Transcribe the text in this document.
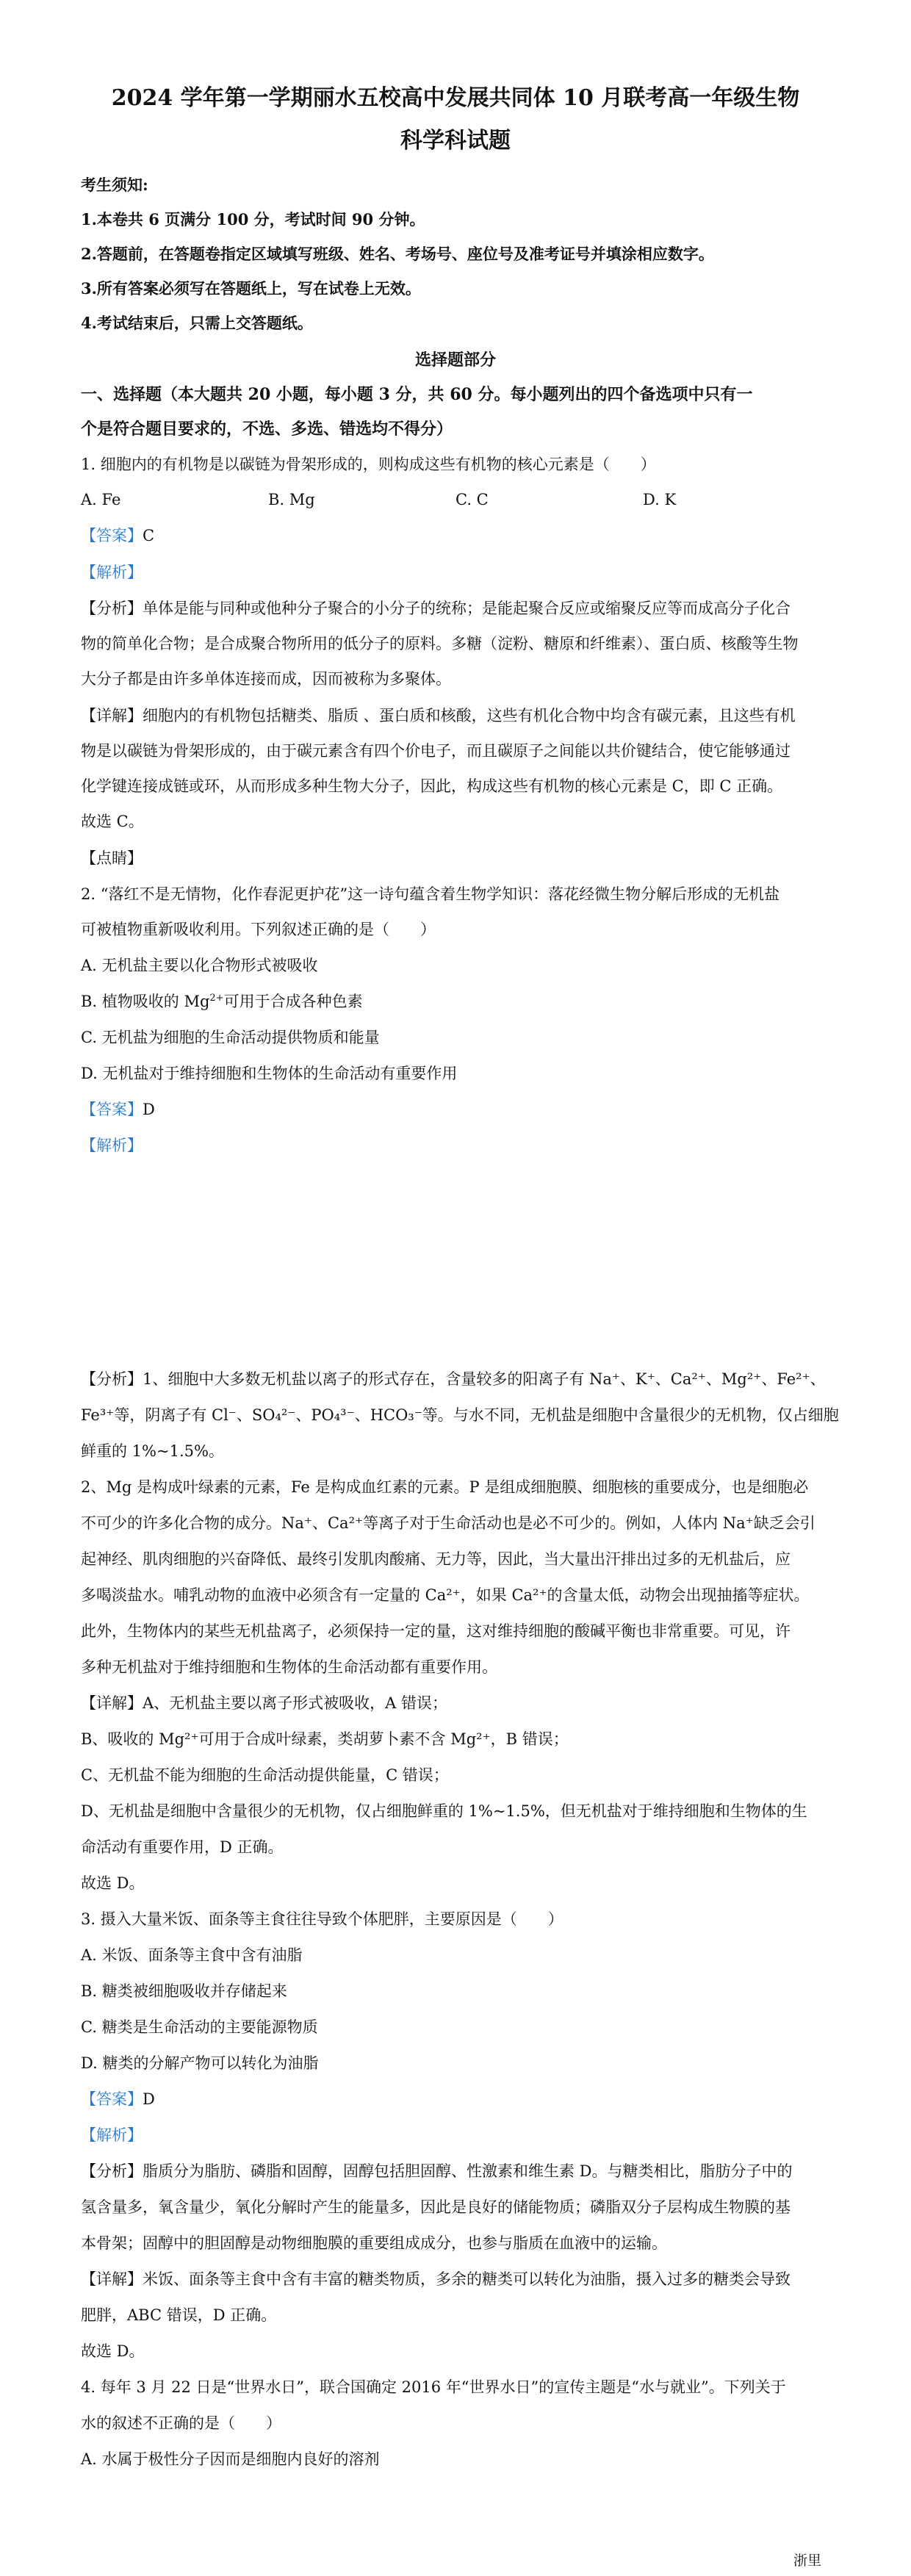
2024 学年第一学期丽水五校高中发展共同体 10 月联考高一年级生物
科学科试题
考生须知:
1.本卷共 6 页满分 100 分，考试时间 90 分钟。
2.答题前，在答题卷指定区域填写班级、姓名、考场号、座位号及准考证号并填涂相应数字。
3.所有答案必须写在答题纸上，写在试卷上无效。
4.考试结束后，只需上交答题纸。
选择题部分
一、选择题（本大题共 20 小题，每小题 3 分，共 60 分。每小题列出的四个备选项中只有一
个是符合题目要求的，不选、多选、错选均不得分）
1. 细胞内的有机物是以碳链为骨架形成的，则构成这些有机物的核心元素是（　　）
A. Fe	B. Mg	C. C	D. K
【答案】C
【解析】
【分析】单体是能与同种或他种分子聚合的小分子的统称；是能起聚合反应或缩聚反应等而成高分子化合
物的简单化合物；是合成聚合物所用的低分子的原料。多糖（淀粉、糖原和纤维素）、蛋白质、核酸等生物
大分子都是由许多单体连接而成，因而被称为多聚体。
【详解】细胞内的有机物包括糖类、脂质 、蛋白质和核酸，这些有机化合物中均含有碳元素，且这些有机
物是以碳链为骨架形成的，由于碳元素含有四个价电子，而且碳原子之间能以共价键结合，使它能够通过
化学键连接成链或环，从而形成多种生物大分子，因此，构成这些有机物的核心元素是 C，即 C 正确。
故选 C。
【点睛】
2. “落红不是无情物，化作春泥更护花”这一诗句蕴含着生物学知识：落花经微生物分解后形成的无机盐
可被植物重新吸收利用。下列叙述正确的是（　　）
A. 无机盐主要以化合物形式被吸收
B. 植物吸收的 $Mg^{2+}$可用于合成各种色素
C. 无机盐为细胞的生命活动提供物质和能量
D. 无机盐对于维持细胞和生物体的生命活动有重要作用
【答案】D
【解析】
【分析】1、细胞中大多数无机盐以离子的形式存在，含量较多的阳离子有 Na⁺、K⁺、Ca²⁺、Mg²⁺、Fe²⁺、
Fe³⁺等，阴离子有 Cl⁻、SO₄²⁻、PO₄³⁻、HCO₃⁻等。与水不同，无机盐是细胞中含量很少的无机物，仅占细胞
鲜重的 1%~1.5%。
2、Mg 是构成叶绿素的元素，Fe 是构成血红素的元素。P 是组成细胞膜、细胞核的重要成分，也是细胞必
不可少的许多化合物的成分。Na⁺、Ca²⁺等离子对于生命活动也是必不可少的。例如，人体内 Na⁺缺乏会引
起神经、肌肉细胞的兴奋降低、最终引发肌肉酸痛、无力等，因此，当大量出汗排出过多的无机盐后，应
多喝淡盐水。哺乳动物的血液中必须含有一定量的 Ca²⁺，如果 Ca²⁺的含量太低，动物会出现抽搐等症状。
此外，生物体内的某些无机盐离子，必须保持一定的量，这对维持细胞的酸碱平衡也非常重要。可见，许
多种无机盐对于维持细胞和生物体的生命活动都有重要作用。
【详解】A、无机盐主要以离子形式被吸收，A 错误；
B、吸收的 Mg²⁺可用于合成叶绿素，类胡萝卜素不含 Mg²⁺，B 错误；
C、无机盐不能为细胞的生命活动提供能量，C 错误；
D、无机盐是细胞中含量很少的无机物，仅占细胞鲜重的 1%~1.5%，但无机盐对于维持细胞和生物体的生
命活动有重要作用，D 正确。
故选 D。
3. 摄入大量米饭、面条等主食往往导致个体肥胖，主要原因是（　　）
A. 米饭、面条等主食中含有油脂
B. 糖类被细胞吸收并存储起来
C. 糖类是生命活动的主要能源物质
D. 糖类的分解产物可以转化为油脂
【答案】D
【解析】
【分析】脂质分为脂肪、磷脂和固醇，固醇包括胆固醇、性激素和维生素 D。与糖类相比，脂肪分子中的
氢含量多，氧含量少，氧化分解时产生的能量多，因此是良好的储能物质；磷脂双分子层构成生物膜的基
本骨架；固醇中的胆固醇是动物细胞膜的重要组成成分，也参与脂质在血液中的运输。
【详解】米饭、面条等主食中含有丰富的糖类物质，多余的糖类可以转化为油脂，摄入过多的糖类会导致
肥胖，ABC 错误，D 正确。
故选 D。
4. 每年 3 月 22 日是“世界水日”，联合国确定 2016 年“世界水日”的宣传主题是“水与就业”。下列关于
水的叙述不正确的是（　　）
A. 水属于极性分子因而是细胞内良好的溶剂
浙里
